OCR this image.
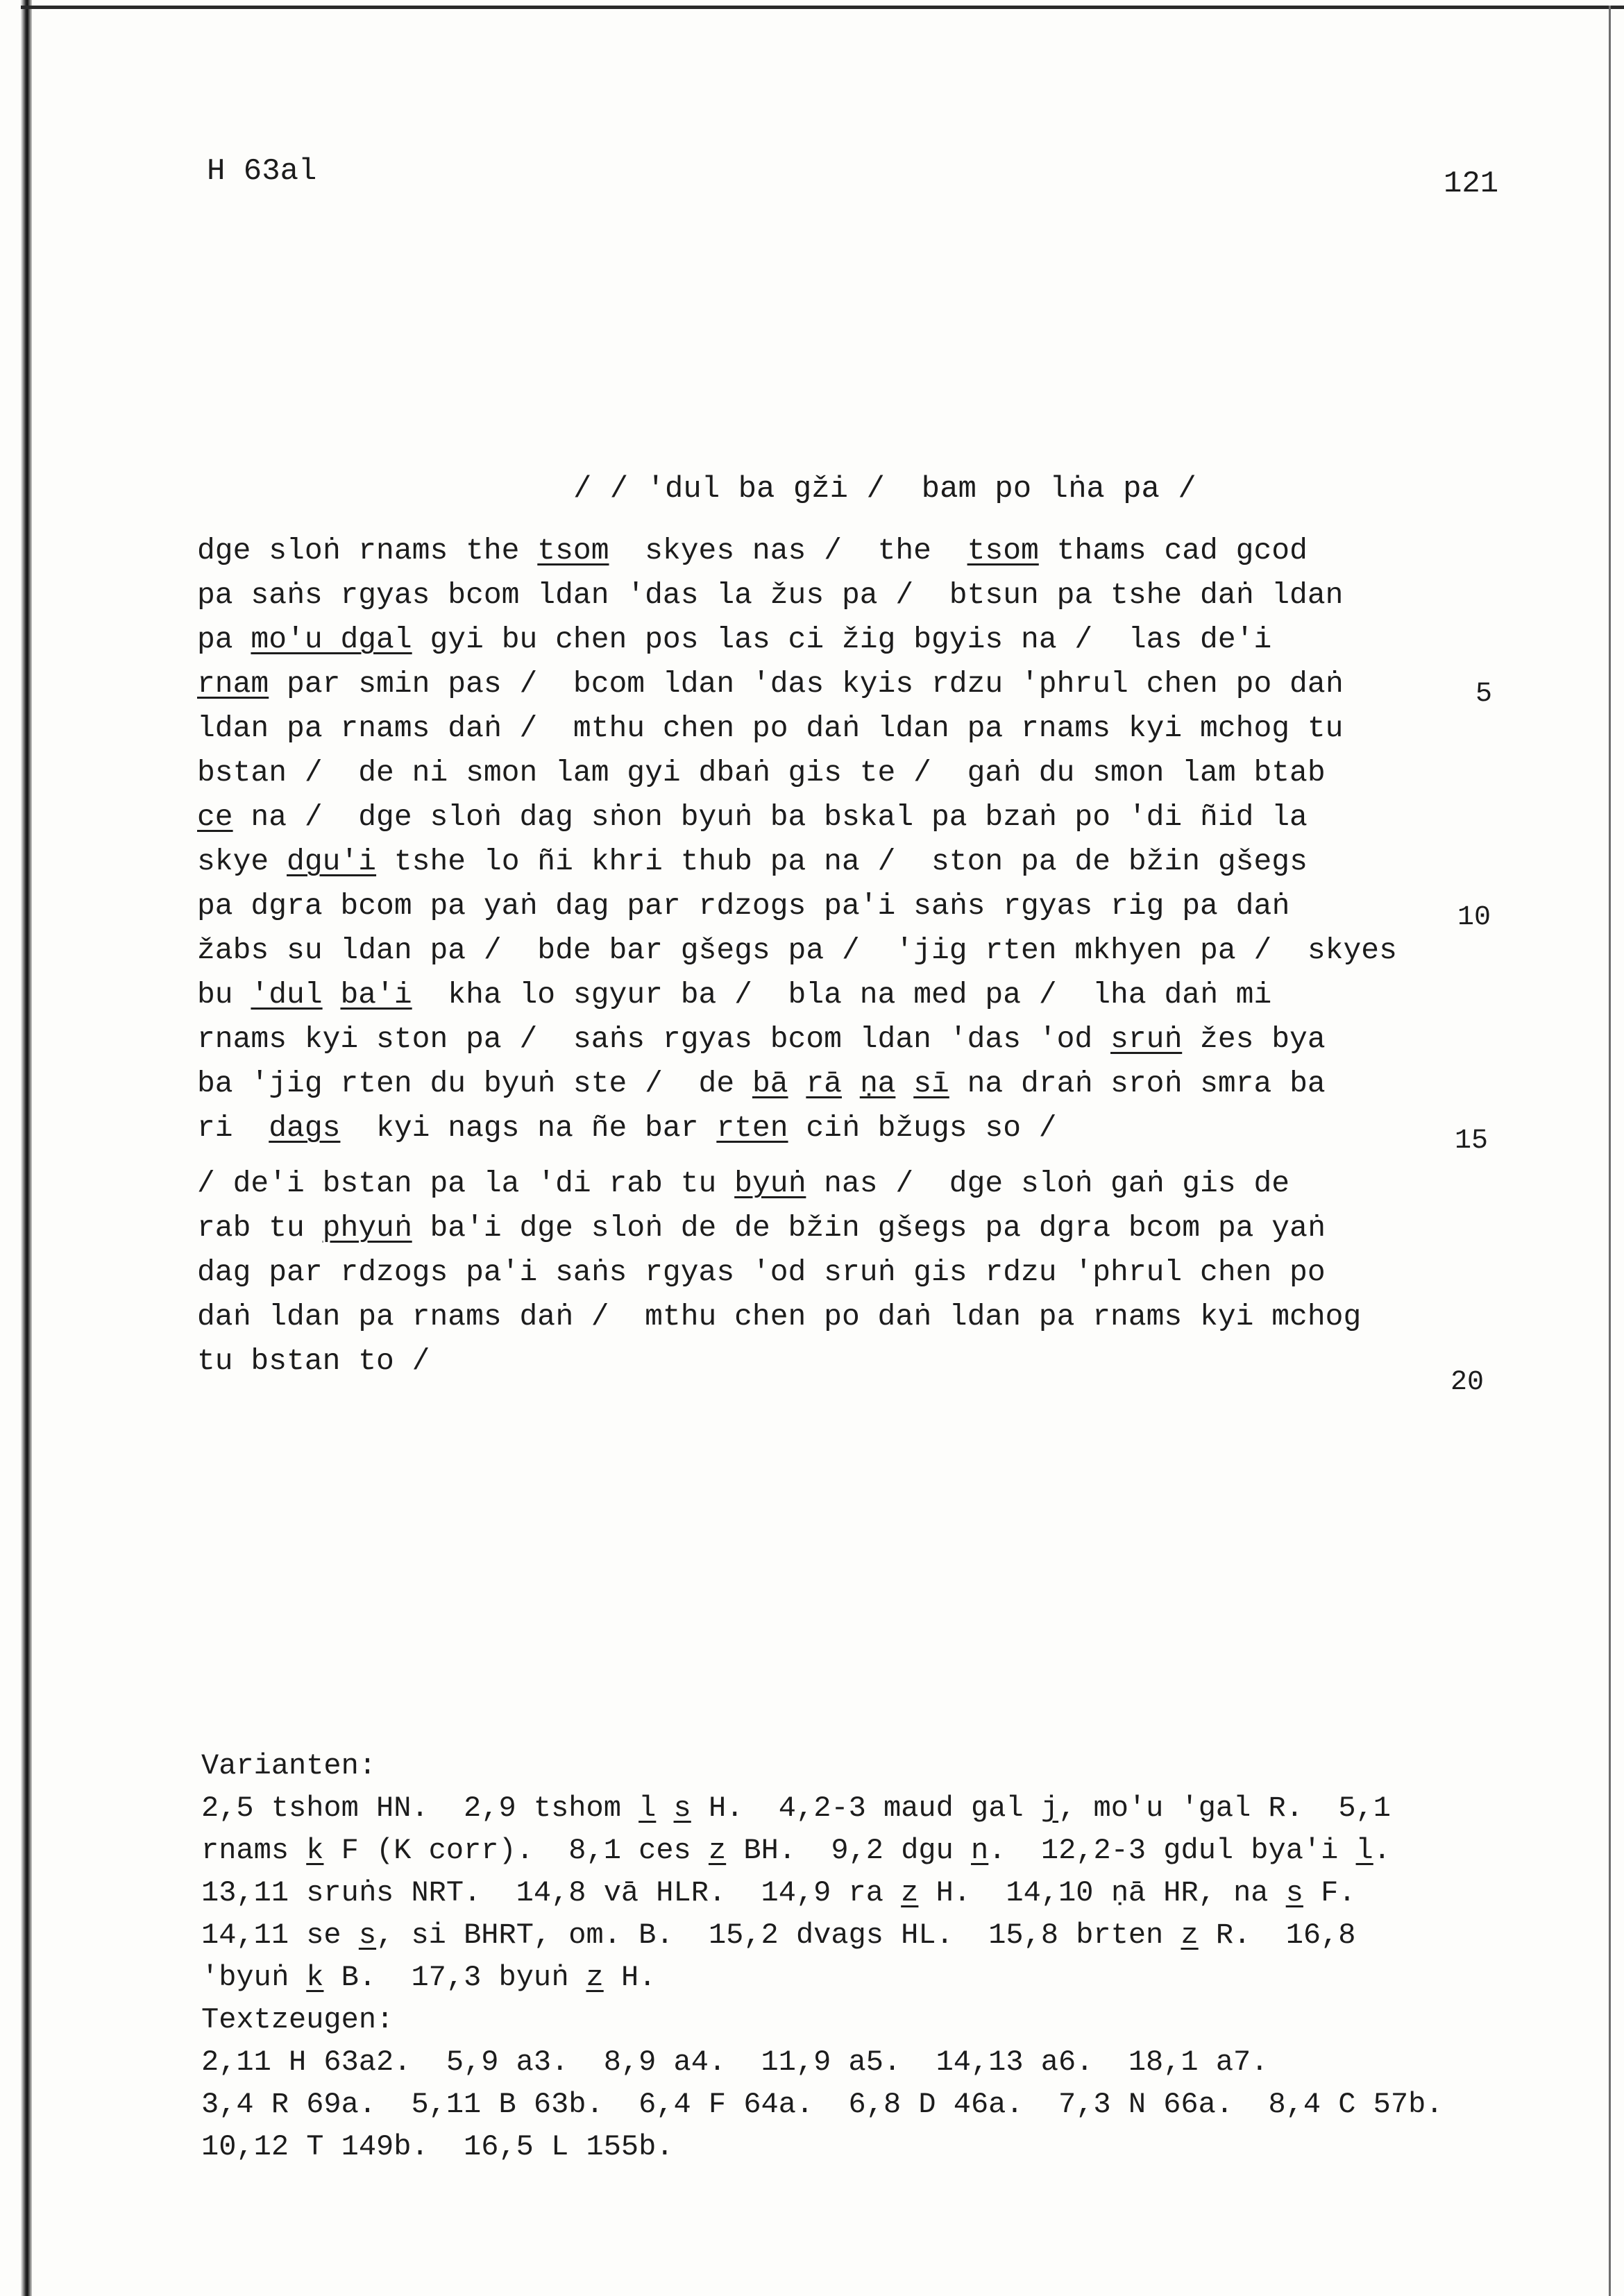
H 63al	121
/ / 'dul ba gži /  bam po lṅa pa /
dge sloṅ rnams the tsom  skyes nas /  the  tsom thams cad gcod
pa saṅs rgyas bcom ldan 'das la žus pa /  btsun pa tshe daṅ ldan
pa mo'u dgal gyi bu chen pos las ci žig bgyis na /  las de'i
rnam par smin pas /  bcom ldan 'das kyis rdzu 'phrul chen po daṅ
ldan pa rnams daṅ /  mthu chen po daṅ ldan pa rnams kyi mchog tu
bstan /  de ni smon lam gyi dbaṅ gis te /  gaṅ du smon lam btab
ce na /  dge sloṅ dag sṅon byuṅ ba bskal pa bzaṅ po 'di ñid la
skye dgu'i tshe lo ñi khri thub pa na /  ston pa de bžin gšegs
pa dgra bcom pa yaṅ dag par rdzogs pa'i saṅs rgyas rig pa daṅ
žabs su ldan pa /  bde bar gšegs pa /  'jig rten mkhyen pa /  skyes
bu 'dul ba'i  kha lo sgyur ba /  bla na med pa /  lha daṅ mi
rnams kyi ston pa /  saṅs rgyas bcom ldan 'das 'od sruṅ žes bya
ba 'jig rten du byuṅ ste /  de bā rā ṇa sī na draṅ sroṅ smra ba
ri  dags  kyi nags na ñe bar rten ciṅ bžugs so /
/ de'i bstan pa la 'di rab tu byuṅ nas /  dge sloṅ gaṅ gis de
rab tu phyuṅ ba'i dge sloṅ de de bžin gšegs pa dgra bcom pa yaṅ
dag par rdzogs pa'i saṅs rgyas 'od sruṅ gis rdzu 'phrul chen po
daṅ ldan pa rnams daṅ /  mthu chen po daṅ ldan pa rnams kyi mchog
tu bstan to /
5
10
15
20
Varianten:
2,5 tshom HN.  2,9 tshom l s H.  4,2-3 maud gal j, mo'u 'gal R.  5,1
rnams k F (K corr).  8,1 ces z BH.  9,2 dgu n.  12,2-3 gdul bya'i l.
13,11 sruṅs NRT.  14,8 vā HLR.  14,9 ra z H.  14,10 ṇā HR, na s F.
14,11 se s, si BHRT, om. B.  15,2 dvags HL.  15,8 brten z R.  16,8
'byuṅ k B.  17,3 byuṅ z H.
Textzeugen:
2,11 H 63a2.  5,9 a3.  8,9 a4.  11,9 a5.  14,13 a6.  18,1 a7.
3,4 R 69a.  5,11 B 63b.  6,4 F 64a.  6,8 D 46a.  7,3 N 66a.  8,4 C 57b.
10,12 T 149b.  16,5 L 155b.
